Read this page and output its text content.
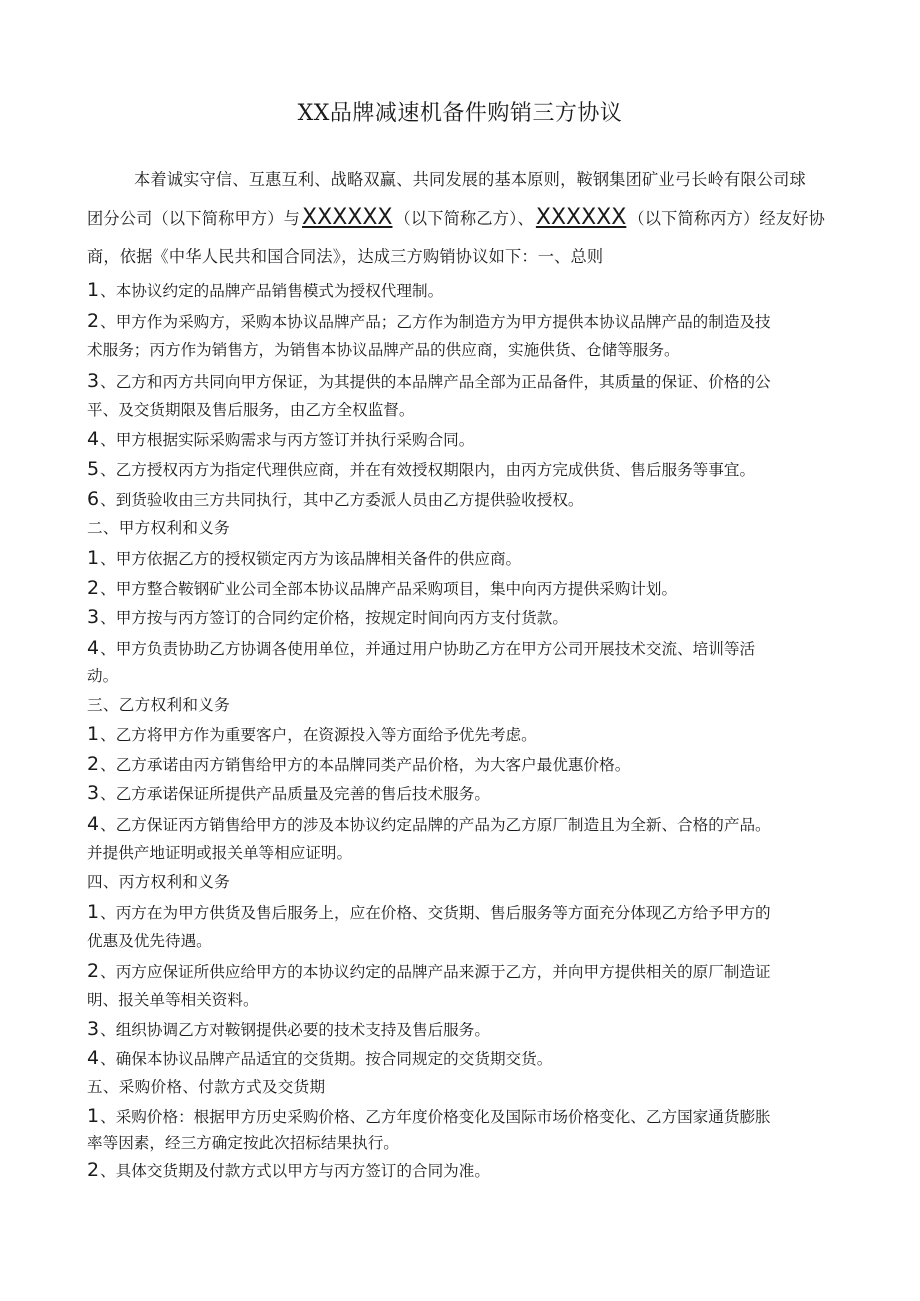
XX品牌减速机备件购销三方协议
本着诚实守信、互惠互利、战略双赢、共同发展的基本原则，鞍钢集团矿业弓长岭有限公司球
团分公司（以下简称甲方）与XXXXXX （以下简称乙方）、XXXXXX （以下简称丙方）经友好协
商，依据《中华人民共和国合同法》，达成三方购销协议如下：一、总则
1、本协议约定的品牌产品销售模式为授权代理制。
2、甲方作为采购方，采购本协议品牌产品；乙方作为制造方为甲方提供本协议品牌产品的制造及技
术服务；丙方作为销售方，为销售本协议品牌产品的供应商，实施供货、仓储等服务。
3、乙方和丙方共同向甲方保证，为其提供的本品牌产品全部为正品备件，其质量的保证、价格的公
平、及交货期限及售后服务，由乙方全权监督。
4、甲方根据实际采购需求与丙方签订并执行采购合同。
5、乙方授权丙方为指定代理供应商，并在有效授权期限内，由丙方完成供货、售后服务等事宜。
6、到货验收由三方共同执行，其中乙方委派人员由乙方提供验收授权。
二、甲方权利和义务
1、甲方依据乙方的授权锁定丙方为该品牌相关备件的供应商。
2、甲方整合鞍钢矿业公司全部本协议品牌产品采购项目，集中向丙方提供采购计划。
3、甲方按与丙方签订的合同约定价格，按规定时间向丙方支付货款。
4、甲方负责协助乙方协调各使用单位，并通过用户协助乙方在甲方公司开展技术交流、培训等活
动。
三、乙方权利和义务
1、乙方将甲方作为重要客户，在资源投入等方面给予优先考虑。
2、乙方承诺由丙方销售给甲方的本品牌同类产品价格，为大客户最优惠价格。
3、乙方承诺保证所提供产品质量及完善的售后技术服务。
4、乙方保证丙方销售给甲方的涉及本协议约定品牌的产品为乙方原厂制造且为全新、合格的产品。
并提供产地证明或报关单等相应证明。
四、丙方权利和义务
1、丙方在为甲方供货及售后服务上，应在价格、交货期、售后服务等方面充分体现乙方给予甲方的
优惠及优先待遇。
2、丙方应保证所供应给甲方的本协议约定的品牌产品来源于乙方，并向甲方提供相关的原厂制造证
明、报关单等相关资料。
3、组织协调乙方对鞍钢提供必要的技术支持及售后服务。
4、确保本协议品牌产品适宜的交货期。按合同规定的交货期交货。
五、采购价格、付款方式及交货期
1、采购价格：根据甲方历史采购价格、乙方年度价格变化及国际市场价格变化、乙方国家通货膨胀
率等因素，经三方确定按此次招标结果执行。
2、具体交货期及付款方式以甲方与丙方签订的合同为准。
